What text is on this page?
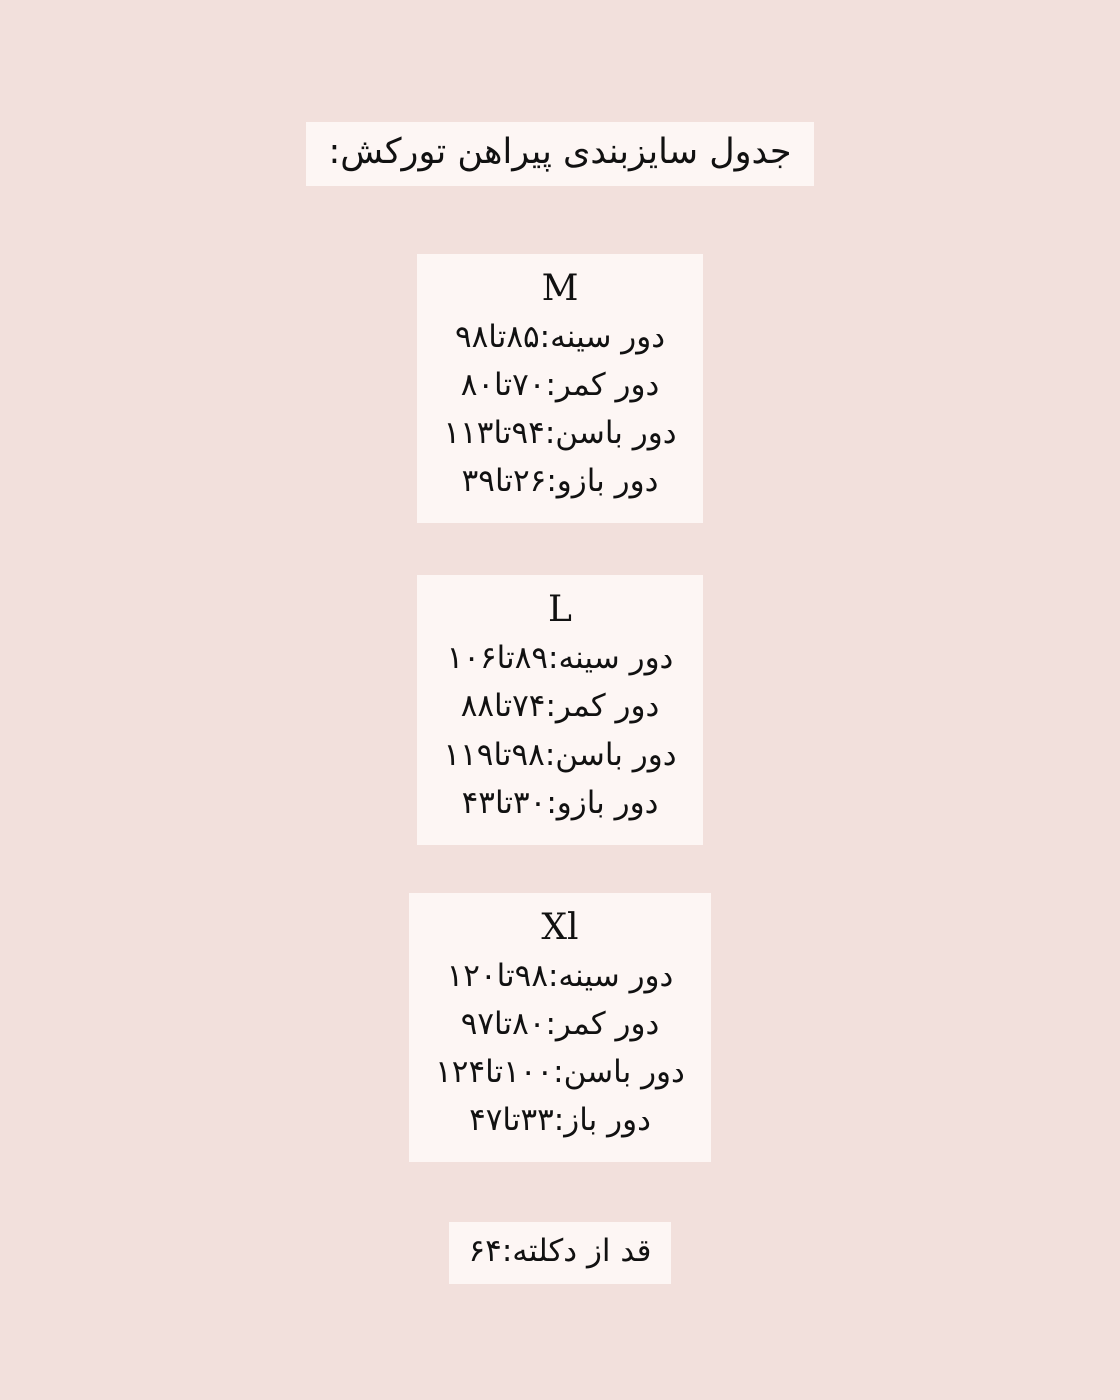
جدول سایزبندی پیراهن تورکش:
M
دور سینه:۸۵تا۹۸
دور کمر:۷۰تا۸۰
دور باسن:۹۴تا۱۱۳
دور بازو:۲۶تا۳۹
L
دور سینه:۸۹تا۱۰۶
دور کمر:۷۴تا۸۸
دور باسن:۹۸تا۱۱۹
دور بازو:۳۰تا۴۳
Xl
دور سینه:۹۸تا۱۲۰
دور کمر:۸۰تا۹۷
دور باسن:۱۰۰تا۱۲۴
دور باز:۳۳تا۴۷
قد از دکلته:۶۴
